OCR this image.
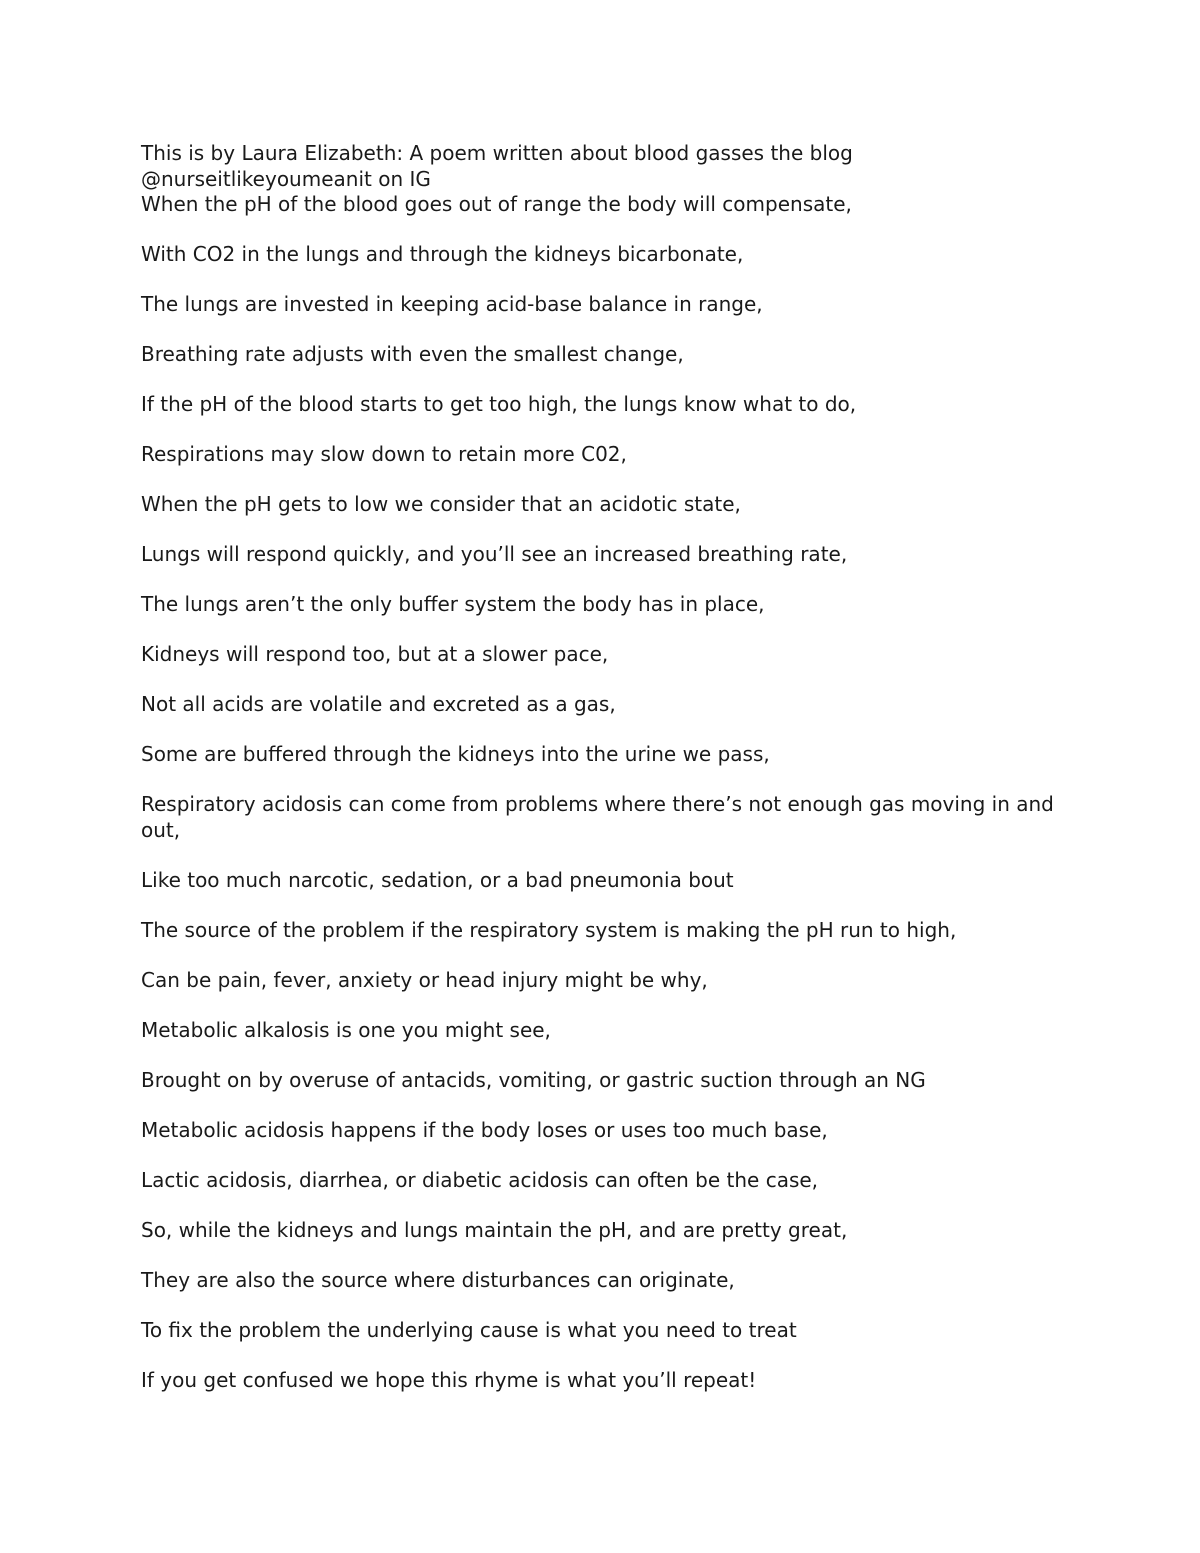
This is by Laura Elizabeth: A poem written about blood gasses the blog @nurseitlikeyoumeanit on IG

When the pH of the blood goes out of range the body will compensate,

With CO2 in the lungs and through the kidneys bicarbonate,

The lungs are invested in keeping acid-base balance in range,

Breathing rate adjusts with even the smallest change,

If the pH of the blood starts to get too high, the lungs know what to do,

Respirations may slow down to retain more C02,

When the pH gets to low we consider that an acidotic state,

Lungs will respond quickly, and you’ll see an increased breathing rate,

The lungs aren’t the only buffer system the body has in place,

Kidneys will respond too, but at a slower pace,

Not all acids are volatile and excreted as a gas,

Some are buffered through the kidneys into the urine we pass,

Respiratory acidosis can come from problems where there’s not enough gas moving in and out,

Like too much narcotic, sedation, or a bad pneumonia bout

The source of the problem if the respiratory system is making the pH run to high,

Can be pain, fever, anxiety or head injury might be why,

Metabolic alkalosis is one you might see,

Brought on by overuse of antacids, vomiting, or gastric suction through an NG

Metabolic acidosis happens if the body loses or uses too much base,

Lactic acidosis, diarrhea, or diabetic acidosis can often be the case,

So, while the kidneys and lungs maintain the pH, and are pretty great,

They are also the source where disturbances can originate,

To fix the problem the underlying cause is what you need to treat

If you get confused we hope this rhyme is what you’ll repeat!
